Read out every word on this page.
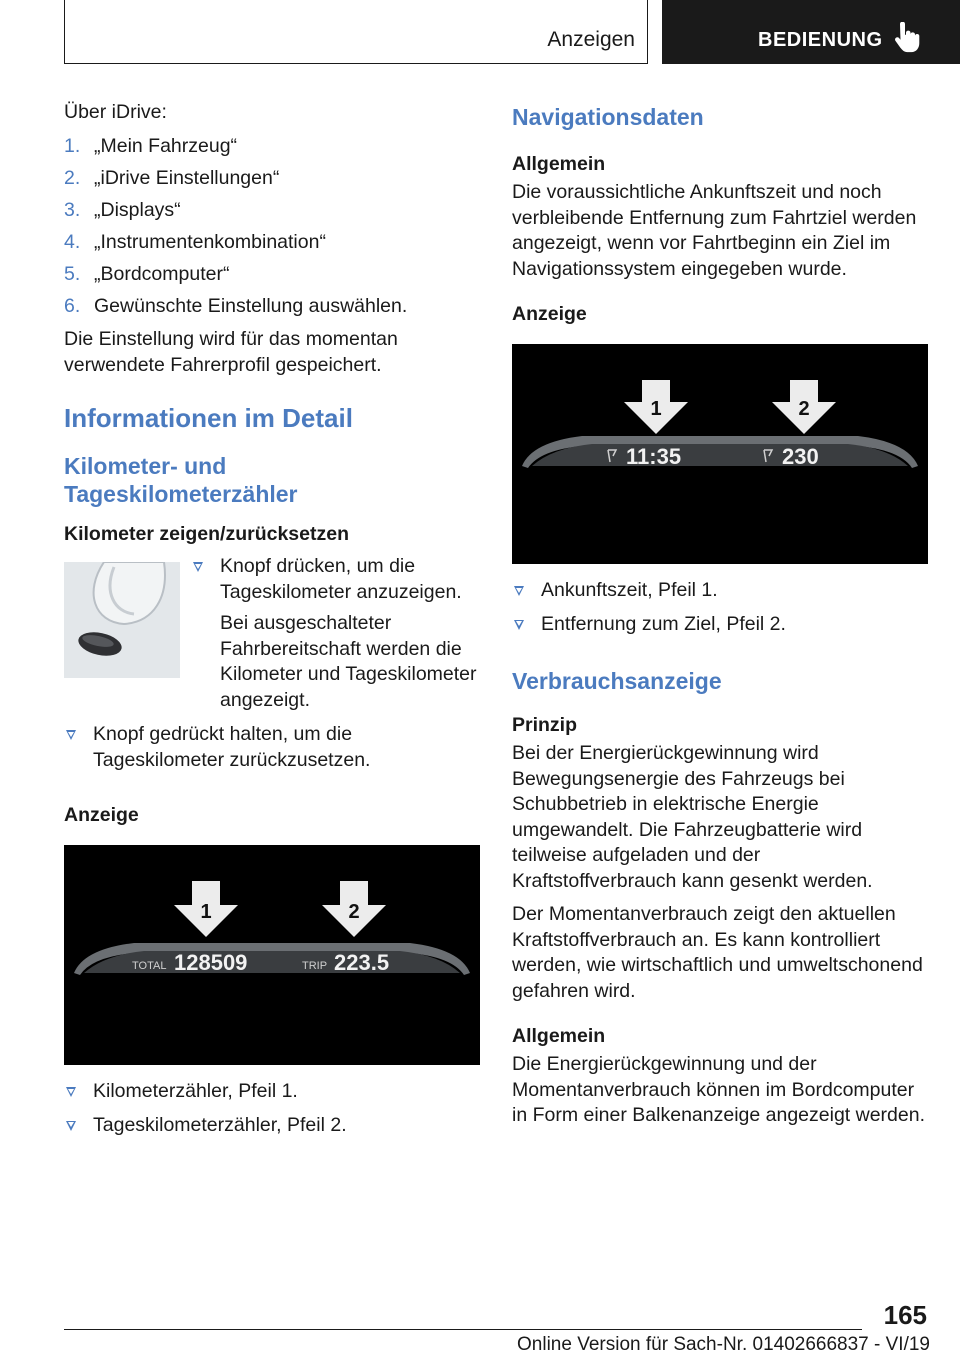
Anzeigen	BEDIENUNG

Über iDrive:

1. „Mein Fahrzeug“
2. „iDrive Einstellungen“
3. „Displays“
4. „Instrumentenkombination“
5. „Bordcomputer“
6. Gewünschte Einstellung auswählen.

Die Einstellung wird für das momentan verwendete Fahrerprofil gespeichert.

Informationen im Detail
Kilometer- und Tageskilometerzähler
Kilometer zeigen/zurücksetzen
Knopf drücken, um die Tageskilometer anzuzeigen.
Bei ausgeschalteter Fahrbereitschaft werden die Kilometer und Tageskilometer angezeigt.
Knopf gedrückt halten, um die Tageskilometer zurückzusetzen.
Anzeige
1	2
TOTAL 128509	TRIP 223.5
Kilometerzähler, Pfeil 1.
Tageskilometerzähler, Pfeil 2.
Navigationsdaten
Allgemein

Die voraussichtliche Ankunftszeit und noch verbleibende Entfernung zum Fahrtziel werden angezeigt, wenn vor Fahrtbeginn ein Ziel im Navigationssystem eingegeben wurde.

Anzeige
1	2
11:35	230
Ankunftszeit, Pfeil 1.
Entfernung zum Ziel, Pfeil 2.
Verbrauchsanzeige
Prinzip

Bei der Energierückgewinnung wird Bewegungsenergie des Fahrzeugs bei Schubbetrieb in elektrische Energie umgewandelt. Die Fahrzeugbatterie wird teilweise aufgeladen und der Kraftstoffverbrauch kann gesenkt werden.

Der Momentanverbrauch zeigt den aktuellen Kraftstoffverbrauch an. Es kann kontrolliert werden, wie wirtschaftlich und umweltschonend gefahren wird.

Allgemein

Die Energierückgewinnung und der Momentanverbrauch können im Bordcomputer in Form einer Balkenanzeige angezeigt werden.

165
Online Version für Sach-Nr. 01402666837 - VI/19
